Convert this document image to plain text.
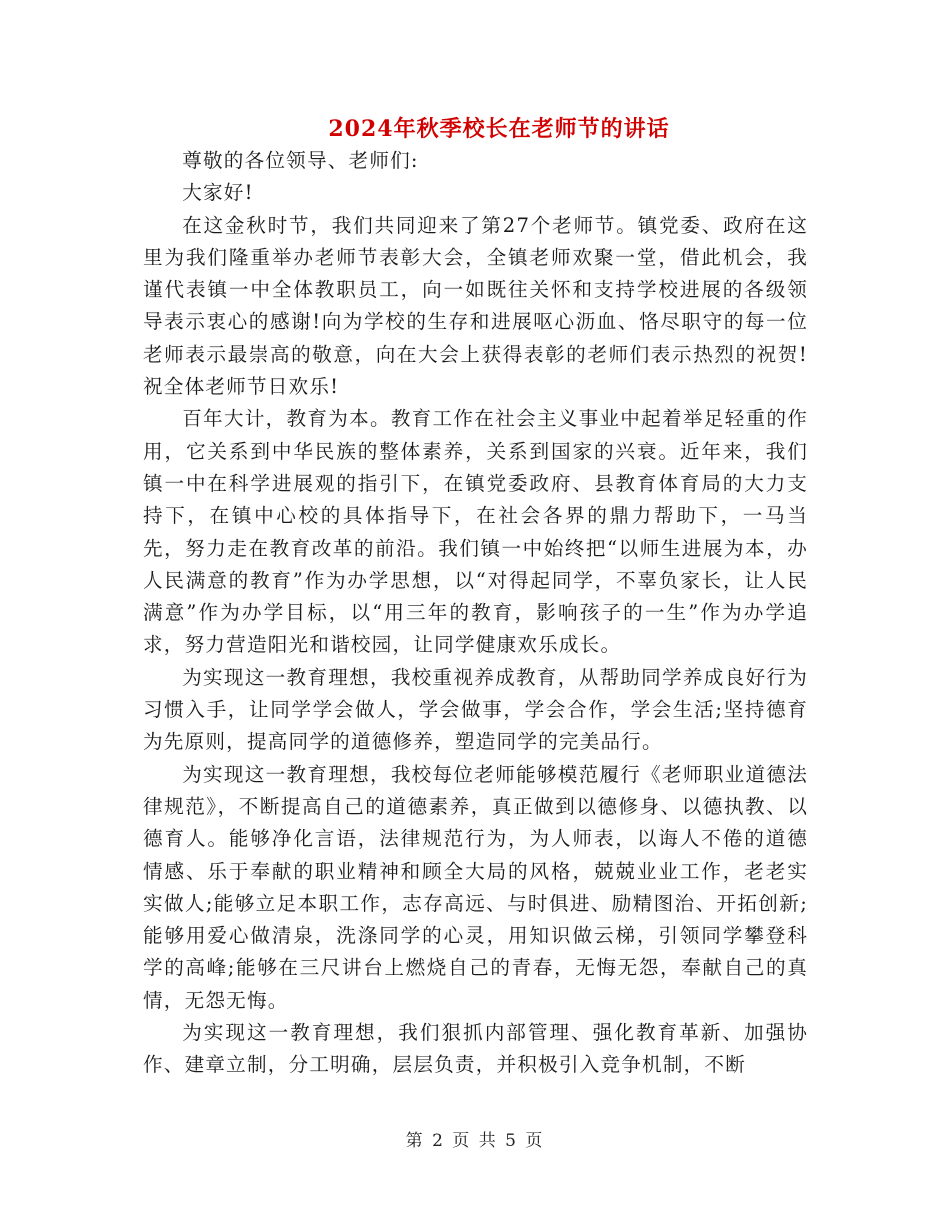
2024年秋季校长在老师节的讲话

尊敬的各位领导、老师们:

大家好!

在这金秋时节，我们共同迎来了第27个老师节。镇党委、政府在这里为我们隆重举办老师节表彰大会，全镇老师欢聚一堂，借此机会，我谨代表镇一中全体教职员工，向一如既往关怀和支持学校进展的各级领导表示衷心的感谢!向为学校的生存和进展呕心沥血、恪尽职守的每一位老师表示最崇高的敬意，向在大会上获得表彰的老师们表示热烈的祝贺!祝全体老师节日欢乐!

百年大计，教育为本。教育工作在社会主义事业中起着举足轻重的作用，它关系到中华民族的整体素养，关系到国家的兴衰。近年来，我们镇一中在科学进展观的指引下，在镇党委政府、县教育体育局的大力支持下，在镇中心校的具体指导下，在社会各界的鼎力帮助下，一马当先，努力走在教育改革的前沿。我们镇一中始终把“以师生进展为本，办人民满意的教育”作为办学思想，以“对得起同学，不辜负家长，让人民满意”作为办学目标，以“用三年的教育，影响孩子的一生”作为办学追求，努力营造阳光和谐校园，让同学健康欢乐成长。

为实现这一教育理想，我校重视养成教育，从帮助同学养成良好行为习惯入手，让同学学会做人，学会做事，学会合作，学会生活;坚持德育为先原则，提高同学的道德修养，塑造同学的完美品行。

为实现这一教育理想，我校每位老师能够模范履行《老师职业道德法律规范》，不断提高自己的道德素养，真正做到以德修身、以德执教、以德育人。能够净化言语，法律规范行为，为人师表，以诲人不倦的道德情感、乐于奉献的职业精神和顾全大局的风格，兢兢业业工作，老老实实做人;能够立足本职工作，志存高远、与时俱进、励精图治、开拓创新;能够用爱心做清泉，洗涤同学的心灵，用知识做云梯，引领同学攀登科学的高峰;能够在三尺讲台上燃烧自己的青春，无悔无怨，奉献自己的真情，无怨无悔。

为实现这一教育理想，我们狠抓内部管理、强化教育革新、加强协作、建章立制，分工明确，层层负责，并积极引入竞争机制，不断

第 2 页 共 5 页
